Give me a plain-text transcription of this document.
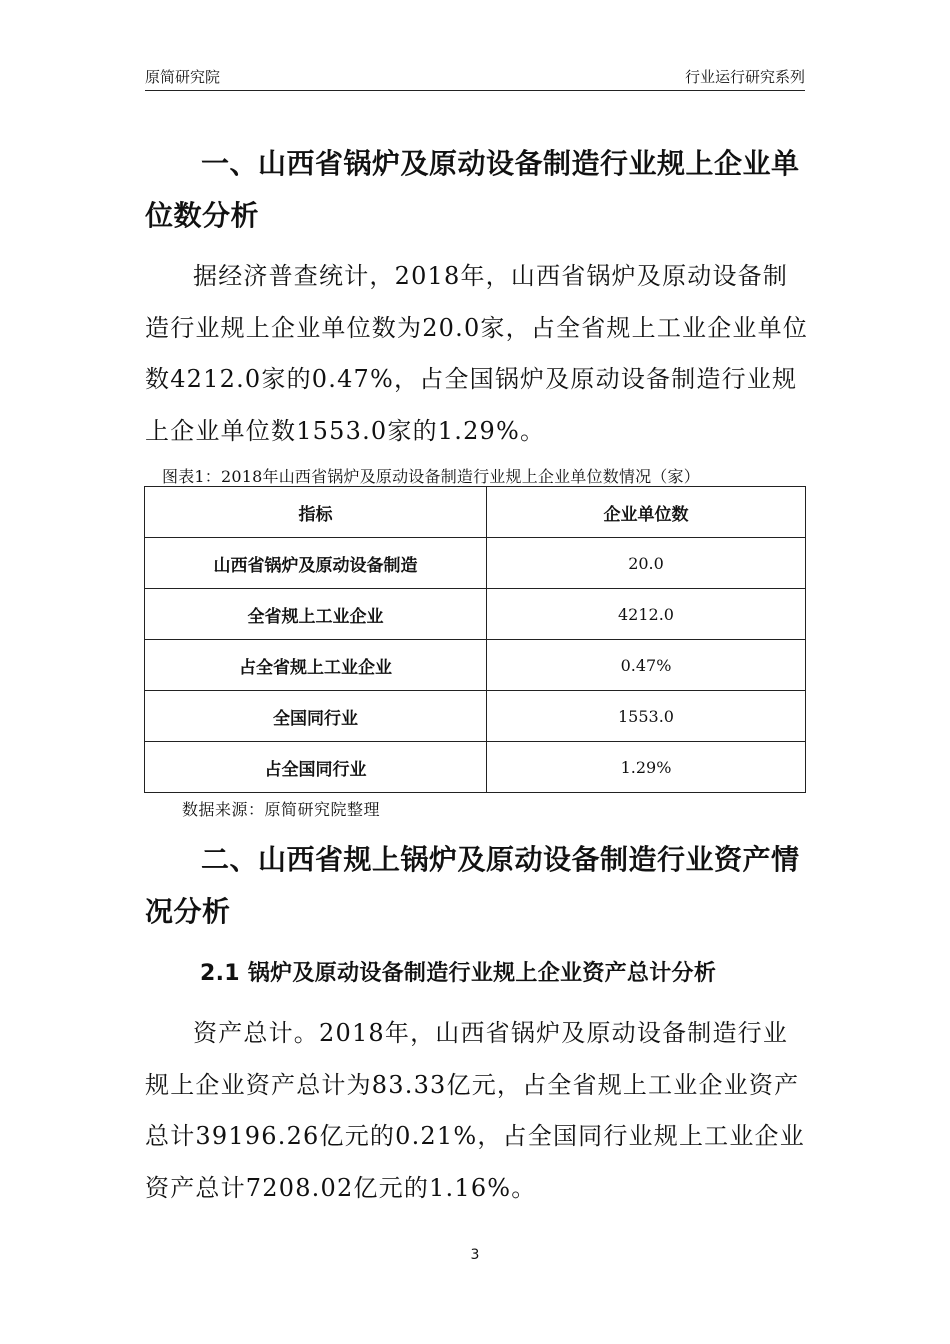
原简研究院	行业运行研究系列
一、山西省锅炉及原动设备制造行业规上企业单
位数分析
据经济普查统计，2018年，山西省锅炉及原动设备制造行业规上企业单位数为20.0家，占全省规上工业企业单位数4212.0家的0.47%，占全国锅炉及原动设备制造行业规上企业单位数1553.0家的1.29%。
图表1：2018年山西省锅炉及原动设备制造行业规上企业单位数情况（家）
指标	企业单位数
山西省锅炉及原动设备制造	20.0
全省规上工业企业	4212.0
占全省规上工业企业	0.47%
全国同行业	1553.0
占全国同行业	1.29%
数据来源：原简研究院整理
二、山西省规上锅炉及原动设备制造行业资产情
况分析
2.1 锅炉及原动设备制造行业规上企业资产总计分析
资产总计。2018年，山西省锅炉及原动设备制造行业规上企业资产总计为83.33亿元，占全省规上工业企业资产总计39196.26亿元的0.21%，占全国同行业规上工业企业资产总计7208.02亿元的1.16%。
3
